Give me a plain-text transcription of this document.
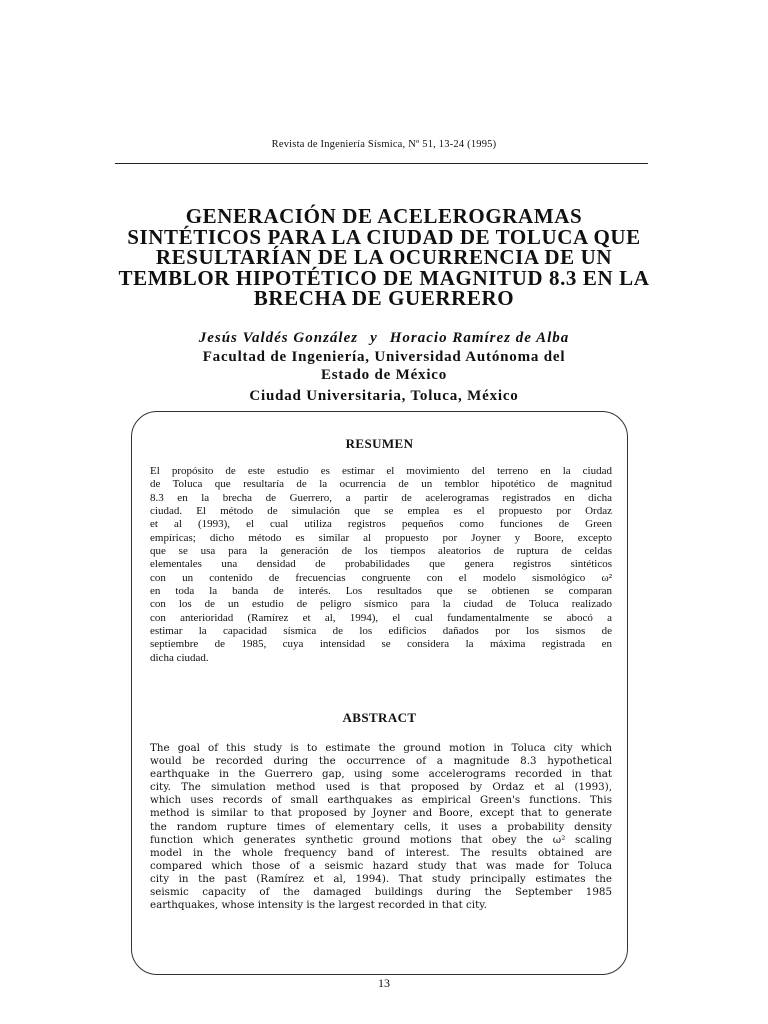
Revista de Ingeniería Sísmica, Nº 51, 13-24 (1995)
GENERACIÓN DE ACELEROGRAMAS
SINTÉTICOS PARA LA CIUDAD DE TOLUCA QUE
RESULTARÍAN DE LA OCURRENCIA DE UN
TEMBLOR HIPOTÉTICO DE MAGNITUD 8.3 EN LA
BRECHA DE GUERRERO
Jesús Valdés González y Horacio Ramírez de Alba
Facultad de Ingeniería, Universidad Autónoma del
Estado de México
Ciudad Universitaria, Toluca, México
RESUMEN
El propósito de este estudio es estimar el movimiento del terreno en la ciudad
de Toluca que resultaría de la ocurrencia de un temblor hipotético de magnitud
8.3 en la brecha de Guerrero, a partir de acelerogramas registrados en dicha
ciudad. El método de simulación que se emplea es el propuesto por Ordaz
et al (1993), el cual utiliza registros pequeños como funciones de Green
empíricas; dicho método es similar al propuesto por Joyner y Boore, excepto
que se usa para la generación de los tiempos aleatorios de ruptura de celdas
elementales una densidad de probabilidades que genera registros sintéticos
con un contenido de frecuencias congruente con el modelo sismológico ω²
en toda la banda de interés. Los resultados que se obtienen se comparan
con los de un estudio de peligro sísmico para la ciudad de Toluca realizado
con anterioridad (Ramírez et al, 1994), el cual fundamentalmente se abocó a
estimar la capacidad sísmica de los edificios dañados por los sismos de
septiembre de 1985, cuya intensidad se considera la máxima registrada en
dicha ciudad.
ABSTRACT
The goal of this study is to estimate the ground motion in Toluca city which
would be recorded during the occurrence of a magnitude 8.3 hypothetical
earthquake in the Guerrero gap, using some accelerograms recorded in that
city. The simulation method used is that proposed by Ordaz et al (1993),
which uses records of small earthquakes as empirical Green's functions. This
method is similar to that proposed by Joyner and Boore, except that to generate
the random rupture times of elementary cells, it uses a probability density
function which generates synthetic ground motions that obey the ω² scaling
model in the whole frequency band of interest. The results obtained are
compared which those of a seismic hazard study that was made for Toluca
city in the past (Ramírez et al, 1994). That study principally estimates the
seismic capacity of the damaged buildings during the September 1985
earthquakes, whose intensity is the largest recorded in that city.
13
